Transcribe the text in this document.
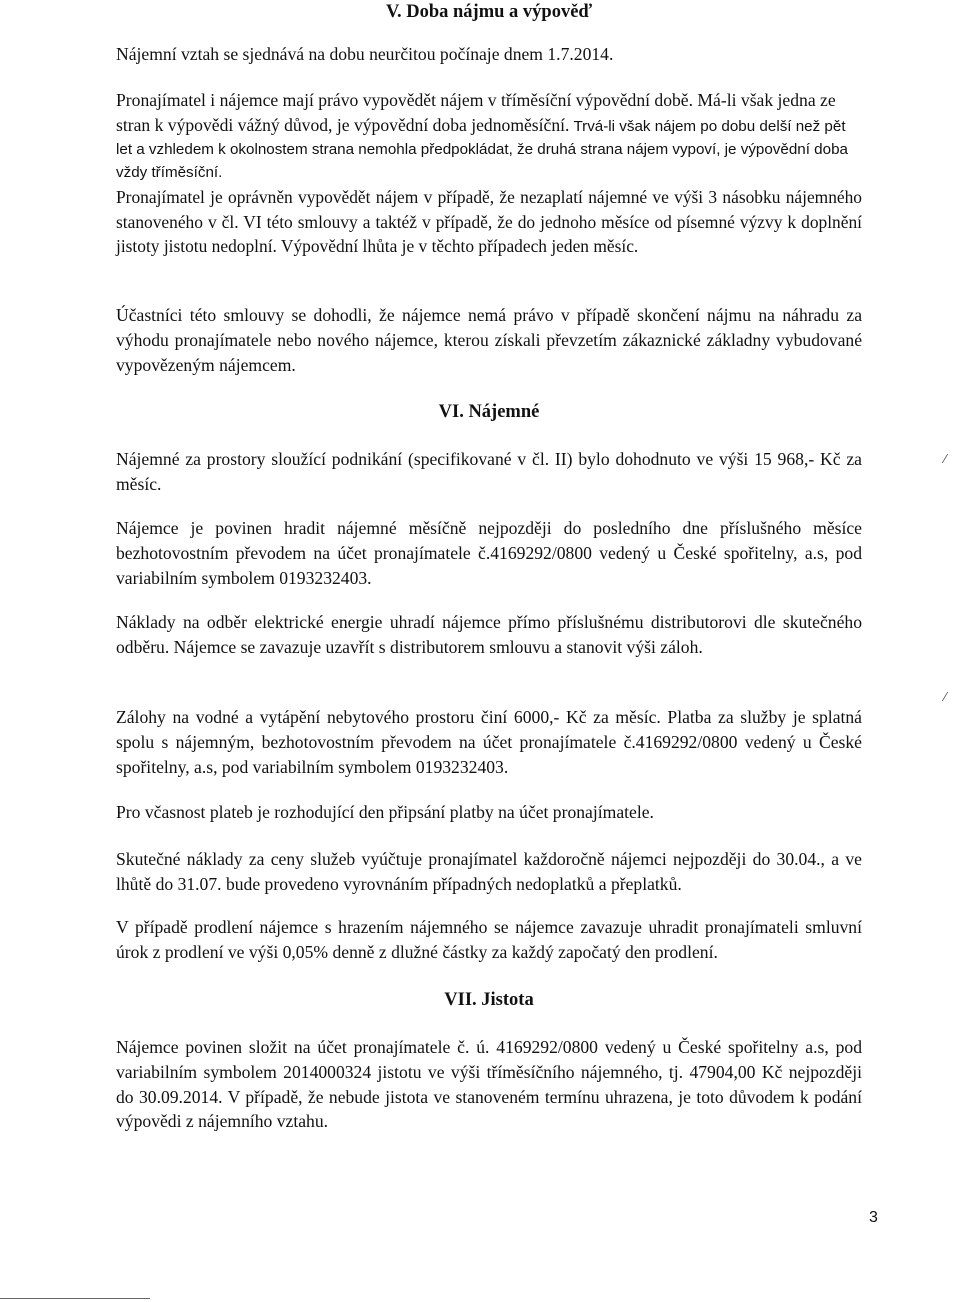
V. Doba nájmu a výpověď

Nájemní vztah se sjednává na dobu neurčitou počínaje dnem 1.7.2014.

Pronajímatel i nájemce mají právo vypovědět nájem v tříměsíční výpovědní době. Má-li však jedna ze stran k výpovědi vážný důvod, je výpovědní doba jednoměsíční. Trvá-li však nájem po dobu delší než pět let a vzhledem k okolnostem strana nemohla předpokládat, že druhá strana nájem vypoví, je výpovědní doba vždy tříměsíční.

Pronajímatel je oprávněn vypovědět nájem v případě, že nezaplatí nájemné ve výši 3 násobku nájemného stanoveného v čl. VI této smlouvy a taktéž v případě, že do jednoho měsíce od písemné výzvy k doplnění jistoty jistotu nedoplní. Výpovědní lhůta je v těchto případech jeden měsíc.

Účastníci této smlouvy se dohodli, že nájemce nemá právo v případě skončení nájmu na náhradu za výhodu pronajímatele nebo nového nájemce, kterou získali převzetím zákaznické základny vybudované vypovězeným nájemcem.

VI. Nájemné

Nájemné za prostory sloužící podnikání (specifikované v čl. II) bylo dohodnuto ve výši 15 968,- Kč za měsíc.

Nájemce je povinen hradit nájemné měsíčně nejpozději do posledního dne příslušného měsíce bezhotovostním převodem na účet pronajímatele č.4169292/0800 vedený u České spořitelny, a.s, pod variabilním symbolem 0193232403.

Náklady na odběr elektrické energie uhradí nájemce přímo příslušnému distributorovi dle skutečného odběru. Nájemce se zavazuje uzavřít s distributorem smlouvu a stanovit výši záloh.

Zálohy na vodné a vytápění nebytového prostoru činí 6000,- Kč za měsíc. Platba za služby je splatná spolu s nájemným, bezhotovostním převodem na účet pronajímatele č.4169292/0800 vedený u České spořitelny, a.s, pod variabilním symbolem 0193232403.

Pro včasnost plateb je rozhodující den připsání platby na účet pronajímatele.

Skutečné náklady za ceny služeb vyúčtuje pronajímatel každoročně nájemci nejpozději do 30.04., a ve lhůtě do 31.07. bude provedeno vyrovnáním případných nedoplatků a přeplatků.

V případě prodlení nájemce s hrazením nájemného se nájemce zavazuje uhradit pronajímateli smluvní úrok z prodlení ve výši 0,05% denně z dlužné částky za každý započatý den prodlení.

VII. Jistota

Nájemce povinen složit na účet pronajímatele č. ú. 4169292/0800 vedený u České spořitelny a.s, pod variabilním symbolem 2014000324 jistotu ve výši tříměsíčního nájemného, tj. 47904,00 Kč nejpozději do 30.09.2014. V případě, že nebude jistota ve stanoveném termínu uhrazena, je toto důvodem k podání výpovědi z nájemního vztahu.

3
⁄
⁄
